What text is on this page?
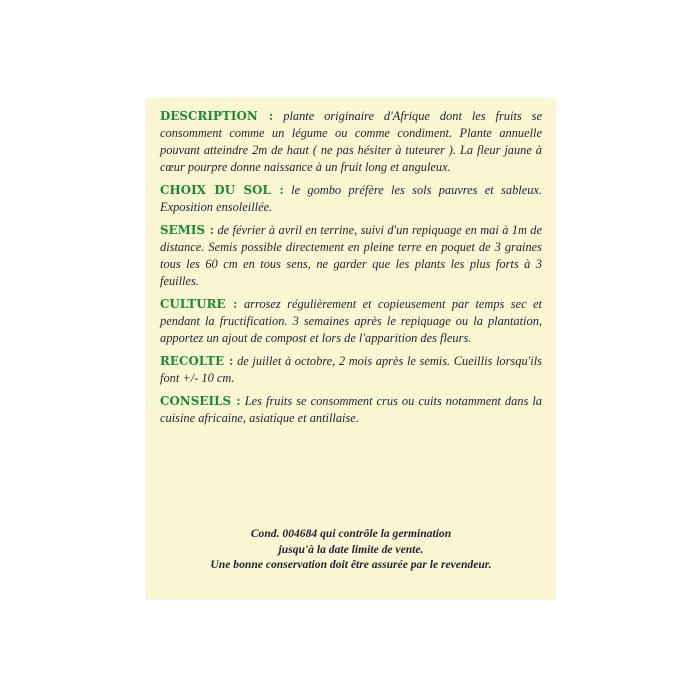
DESCRIPTION : plante originaire d'Afrique dont les fruits se consomment comme un légume ou comme condiment. Plante annuelle pouvant atteindre 2m de haut ( ne pas hésiter à tuteurer ). La fleur jaune à cœur pourpre donne naissance à un fruit long et anguleux.

CHOIX DU SOL : le gombo préfère les sols pauvres et sableux. Exposition ensoleillée.

SEMIS : de février à avril en terrine, suivi d'un repiquage en mai à 1m de distance. Semis possible directement en pleine terre en poquet de 3 graines tous les 60 cm en tous sens, ne garder que les plants les plus forts à 3 feuilles.

CULTURE : arrosez régulièrement et copieusement par temps sec et pendant la fructification. 3 semaines après le repiquage ou la plantation, apportez un ajout de compost et lors de l'apparition des fleurs.

RECOLTE : de juillet à octobre, 2 mois après le semis. Cueillis lorsqu'ils font +/- 10 cm.

CONSEILS : Les fruits se consomment crus ou cuits notamment dans la cuisine africaine, asiatique et antillaise.

Cond. 004684 qui contrôle la germination
jusqu'à la date limite de vente.
Une bonne conservation doit être assurée par le revendeur.
